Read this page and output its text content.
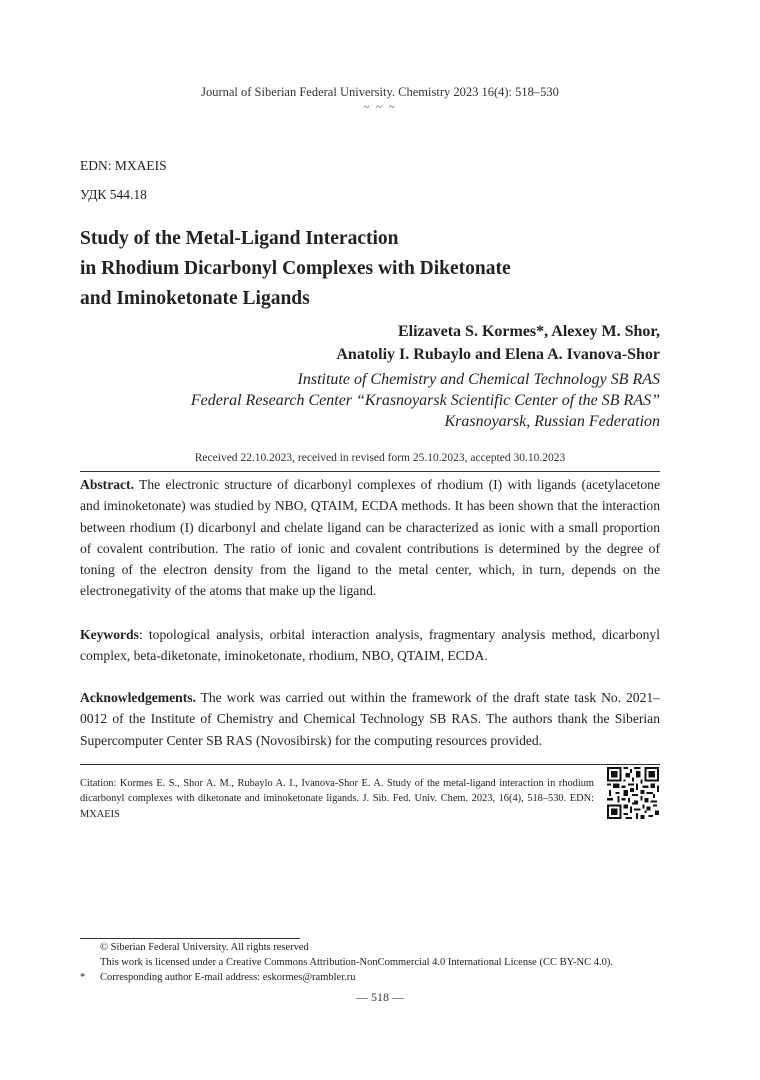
Journal of Siberian Federal University. Chemistry 2023 16(4): 518–530
~ ~ ~
EDN: MXAEIS
УДК 544.18
Study of the Metal-Ligand Interaction
in Rhodium Dicarbonyl Complexes with Diketonate
and Iminoketonate Ligands
Elizaveta S. Kormes*, Alexey M. Shor,
Anatoliy I. Rubaylo and Elena A. Ivanova-Shor
Institute of Chemistry and Chemical Technology SB RAS
Federal Research Center “Krasnoyarsk Scientific Center of the SB RAS”
Krasnoyarsk, Russian Federation
Received 22.10.2023, received in revised form 25.10.2023, accepted 30.10.2023
Abstract. The electronic structure of dicarbonyl complexes of rhodium (I) with ligands (acetylacetone and iminoketonate) was studied by NBO, QTAIM, ECDA methods. It has been shown that the interaction between rhodium (I) dicarbonyl and chelate ligand can be characterized as ionic with a small proportion of covalent contribution. The ratio of ionic and covalent contributions is determined by the degree of toning of the electron density from the ligand to the metal center, which, in turn, depends on the electronegativity of the atoms that make up the ligand.
Keywords: topological analysis, orbital interaction analysis, fragmentary analysis method, dicarbonyl complex, beta-diketonate, iminoketonate, rhodium, NBO, QTAIM, ECDA.
Acknowledgements. The work was carried out within the framework of the draft state task No. 2021–0012 of the Institute of Chemistry and Chemical Technology SB RAS. The authors thank the Siberian Supercomputer Center SB RAS (Novosibirsk) for the computing resources provided.
Citation: Kormes E. S., Shor A. M., Rubaylo A. I., Ivanova-Shor E. A. Study of the metal-ligand interaction in rhodium dicarbonyl complexes with diketonate and iminoketonate ligands. J. Sib. Fed. Univ. Chem. 2023, 16(4), 518–530. EDN: MXAEIS
© Siberian Federal University. All rights reserved
This work is licensed under a Creative Commons Attribution-NonCommercial 4.0 International License (CC BY-NC 4.0).
* Corresponding author E-mail address: eskormes@rambler.ru
— 518 —
